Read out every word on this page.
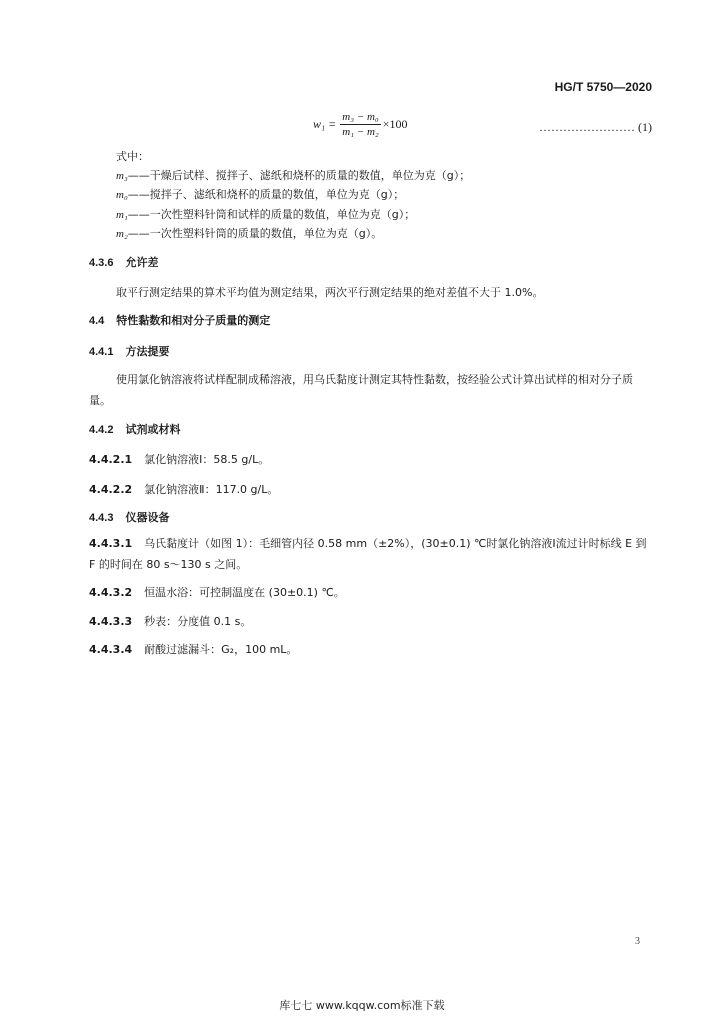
HG/T 5750—2020
$w_1 = \frac{\text{m₃ − m₀}}{\text{m₁ − m₂}} \times 100$	…………………… (1)
式中：
m₃——干燥后试样、搅拌子、滤纸和烧杯的质量的数值，单位为克（g）；
m₀——搅拌子、滤纸和烧杯的质量的数值，单位为克（g）；
m₁——一次性塑料针筒和试样的质量的数值，单位为克（g）；
m₂——一次性塑料针筒的质量的数值，单位为克（g）。
4.3.6 允许差
取平行测定结果的算术平均值为测定结果，两次平行测定结果的绝对差值不大于 1.0%。
4.4 特性黏数和相对分子质量的测定
4.4.1 方法提要
使用氯化钠溶液将试样配制成稀溶液，用乌氏黏度计测定其特性黏数，按经验公式计算出试样的相对分子质量。
4.4.2 试剂或材料
4.4.2.1 氯化钠溶液Ⅰ：58.5 g/L。
4.4.2.2 氯化钠溶液Ⅱ：117.0 g/L。
4.4.3 仪器设备
4.4.3.1 乌氏黏度计（如图 1）：毛细管内径 0.58 mm（±2%），(30±0.1) ℃时氯化钠溶液Ⅰ流过计时标线 E 到 F 的时间在 80 s～130 s 之间。
4.4.3.2 恒温水浴：可控制温度在 (30±0.1) ℃。
4.4.3.3 秒表：分度值 0.1 s。
4.4.3.4 耐酸过滤漏斗：G₂，100 mL。
3
库七七 www.kqqw.com标准下载
